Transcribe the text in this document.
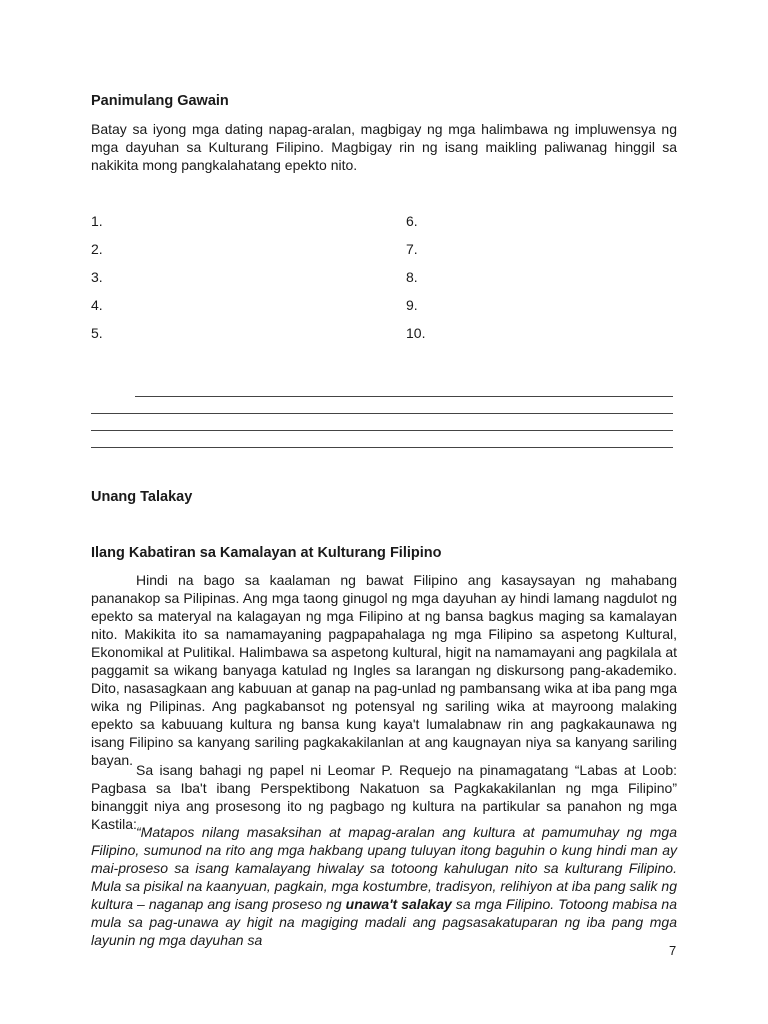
Panimulang Gawain

Batay sa iyong mga dating napag-aralan, magbigay ng mga halimbawa ng impluwensya ng mga dayuhan sa Kulturang Filipino. Magbigay rin ng isang maikling paliwanag hinggil sa nakikita mong pangkalahatang epekto nito.

1.
2.
3.
4.
5.
6.
7.
8.
9.
10.
Unang Talakay
Ilang Kabatiran sa Kamalayan at Kulturang Filipino

Hindi na bago sa kaalaman ng bawat Filipino ang kasaysayan ng mahabang pananakop sa Pilipinas. Ang mga taong ginugol ng mga dayuhan ay hindi lamang nagdulot ng epekto sa materyal na kalagayan ng mga Filipino at ng bansa bagkus maging sa kamalayan nito. Makikita ito sa namamayaning pagpapahalaga ng mga Filipino sa aspetong Kultural, Ekonomikal at Pulitikal. Halimbawa sa aspetong kultural, higit na namamayani ang pagkilala at paggamit sa wikang banyaga katulad ng Ingles sa larangan ng diskursong pang-akademiko. Dito, nasasagkaan ang kabuuan at ganap na pag-unlad ng pambansang wika at iba pang mga wika ng Pilipinas. Ang pagkabansot ng potensyal ng sariling wika at mayroong malaking epekto sa kabuuang kultura ng bansa kung kaya't lumalabnaw rin ang pagkakaunawa ng isang Filipino sa kanyang sariling pagkakakilanlan at ang kaugnayan niya sa kanyang sariling bayan.

Sa isang bahagi ng papel ni Leomar P. Requejo na pinamagatang “Labas at Loob: Pagbasa sa Iba't ibang Perspektibong Nakatuon sa Pagkakakilanlan ng mga Filipino” binanggit niya ang prosesong ito ng pagbago ng kultura na partikular sa panahon ng mga Kastila: “Matapos nilang masaksihan at mapag-aralan ang kultura at pamumuhay ng mga Filipino, sumunod na rito ang mga hakbang upang tuluyan itong baguhin o kung hindi man ay mai-proseso sa isang kamalayang hiwalay sa totoong kahulugan nito sa kulturang Filipino. Mula sa pisikal na kaanyuan, pagkain, mga kostumbre, tradisyon, relihiyon at iba pang salik ng kultura – naganap ang isang proseso ng unawa't salakay sa mga Filipino. Totoong mabisa na mula sa pag-unawa ay higit na magiging madali ang pagsasakatuparan ng iba pang mga layunin ng mga dayuhan sa

7
